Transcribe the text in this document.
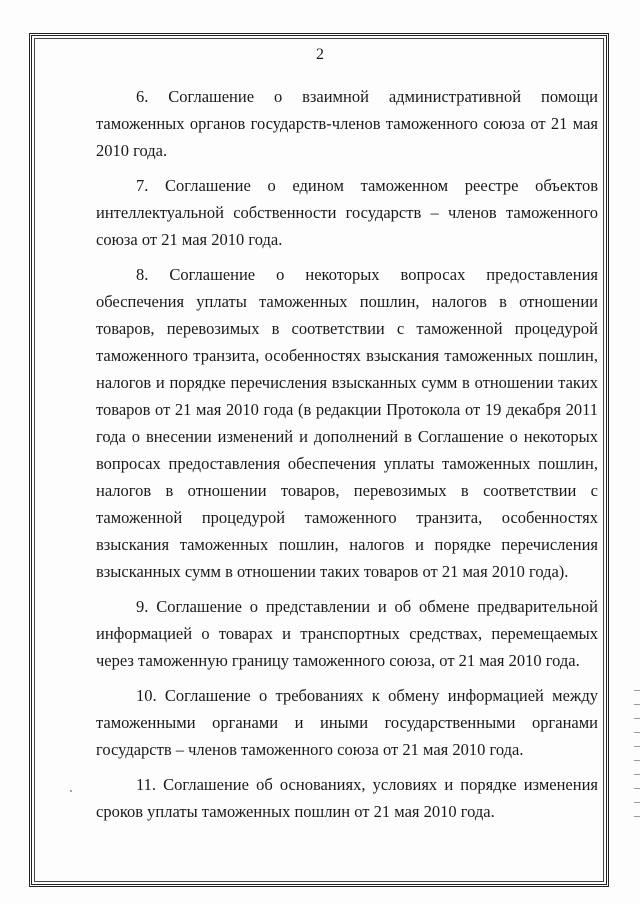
2

6. Соглашение о взаимной административной помощи таможенных органов государств-членов таможенного союза от 21 мая 2010 года.

7. Соглашение о едином таможенном реестре объектов интеллектуальной собственности государств – членов таможенного союза от 21 мая 2010 года.

8. Соглашение о некоторых вопросах предоставления обеспечения уплаты таможенных пошлин, налогов в отношении товаров, перевозимых в соответствии с таможенной процедурой таможенного транзита, особенностях взыскания таможенных пошлин, налогов и порядке перечисления взысканных сумм в отношении таких товаров от 21 мая 2010 года (в редакции Протокола от 19 декабря 2011 года о внесении изменений и дополнений в Соглашение о некоторых вопросах предоставления обеспечения уплаты таможенных пошлин, налогов в отношении товаров, перевозимых в соответствии с таможенной процедурой таможенного транзита, особенностях взыскания таможенных пошлин, налогов и порядке перечисления взысканных сумм в отношении таких товаров от 21 мая 2010 года).

9. Соглашение о представлении и об обмене предварительной информацией о товарах и транспортных средствах, перемещаемых через таможенную границу таможенного союза, от 21 мая 2010 года.

10. Соглашение о требованиях к обмену информацией между таможенными органами и иными государственными органами государств – членов таможенного союза от 21 мая 2010 года.

11. Соглашение об основаниях, условиях и порядке изменения сроков уплаты таможенных пошлин от 21 мая 2010 года.
